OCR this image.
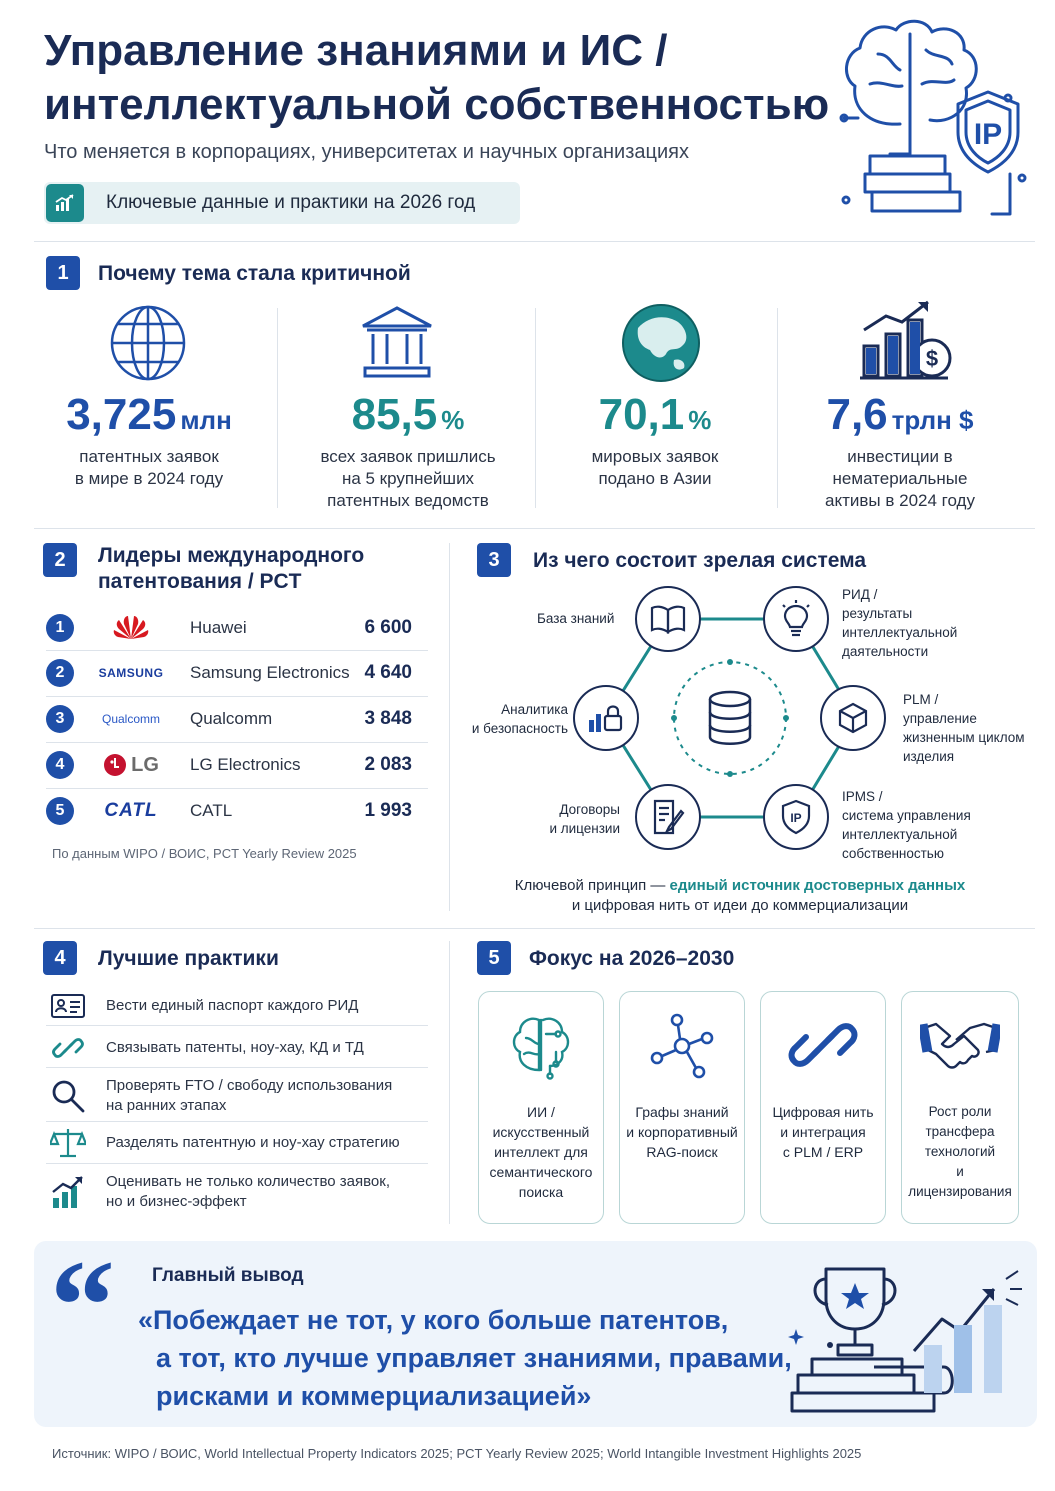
Управление знаниями и ИС /
интеллектуальной собственностью
Что меняется в корпорациях, университетах и научных организациях
Ключевые данные и практики на 2026 год
IP
1	Почему тема стала критичной
$
3,725 млн
патентных заявок
в мире в 2024 году
85,5 %
всех заявок пришлись
на 5 крупнейших
патентных ведомств
70,1 %
мировых заявок
подано в Азии
7,6 трлн $
инвестиции в
нематериальные
активы в 2024 году
2	Лидеры международного
патентования / PCT
1	Huawei	6 600
2	SAMSUNG	Samsung Electronics 4 640
3	Qualcomm	Qualcomm	3 848
4	LG LG Electronics	2 083
5	CATL	CATL	1 993
По данным WIPO / ВОИС, PCT Yearly Review 2025
3	Из чего состоит зрелая система
IP
База знаний
РИД /
результаты
интеллектуальной
даятельности
Аналитика
и безопасность
PLM /
управление
жизненным циклом
изделия
Договоры
и лицензии
IPMS /
система управления
интеллектуальной
собственностью
Ключевой принцип — единый источник достоверных данных
и цифровая нить от идеи до коммерциализации
4	Лучшие практики
Вести единый паспорт каждого РИД
Связывать патенты, ноу-хау, КД и ТД
Проверять FTO / свободу использования
на ранних этапах
Разделять патентную и ноу-хау стратегию
Оценивать не только количество заявок,
но и бизнес-эффект
5	Фокус на 2026–2030
ИИ /
искусственный
интеллект для
семантического
поиска
Графы знаний
и корпоративный
RAG-поиск
Цифровая нить
и интеграция
с PLM / ERP
Рост роли
трансфера
технологий
и лицензирования
“ Главный вывод
«Побеждает не тот, у кого больше патентов,
а тот, кто лучше управляет знаниями, правами,
рисками и коммерциализацией»
Источник: WIPO / ВОИС, World Intellectual Property Indicators 2025; PCT Yearly Review 2025; World Intangible Investment Highlights 2025
